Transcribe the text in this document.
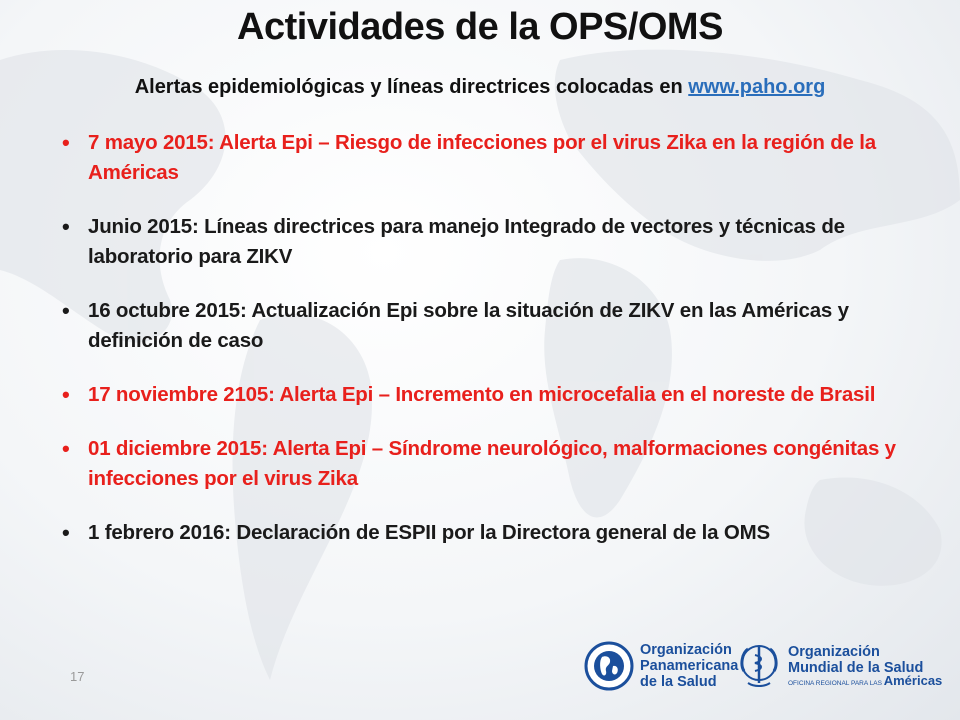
Actividades de la OPS/OMS
Alertas epidemiológicas y líneas directrices colocadas en www.paho.org
• 7 mayo 2015: Alerta Epi – Riesgo de infecciones por el virus Zika en la región de la Américas
• Junio 2015: Líneas directrices para manejo Integrado de vectores y técnicas de laboratorio para ZIKV
• 16 octubre 2015: Actualización Epi sobre la situación de ZIKV en las Américas y definición de caso
• 17 noviembre 2105: Alerta Epi – Incremento en microcefalia en el noreste de Brasil
• 01 diciembre 2015: Alerta Epi – Síndrome neurológico, malformaciones congénitas y infecciones por el virus Zika
• 1 febrero 2016: Declaración de ESPII por la Directora general de la OMS
17
Organización
Panamericana
de la Salud
Organización
Mundial de la Salud
OFICINA REGIONAL PARA LAS Américas
